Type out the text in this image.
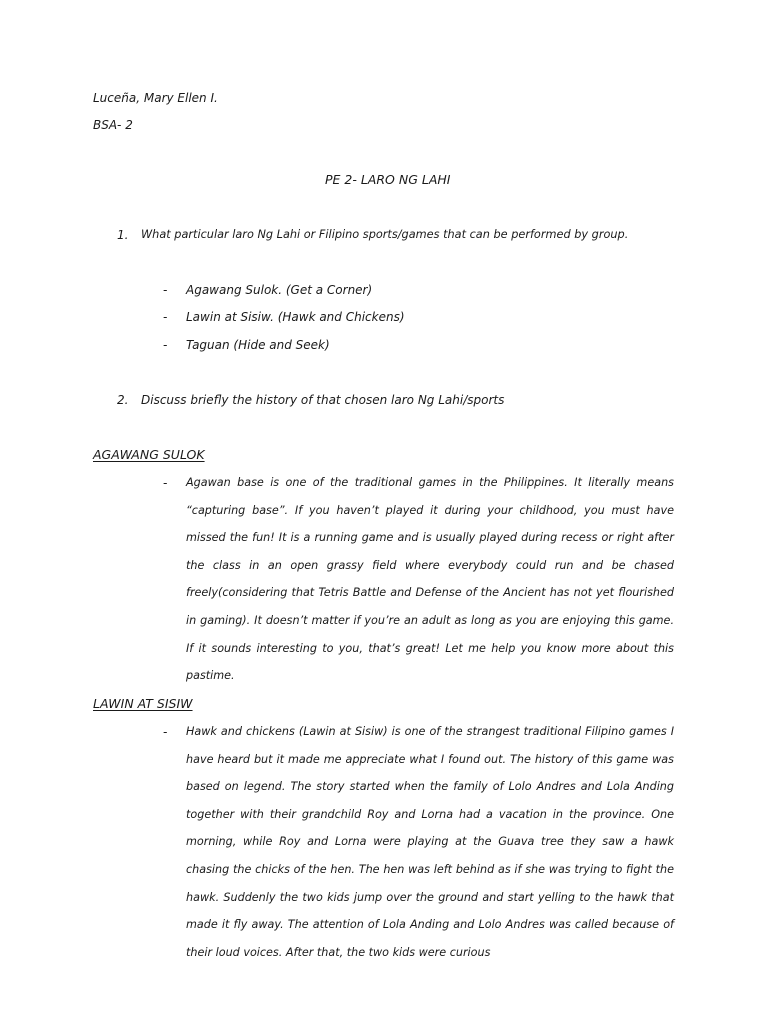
Luceña, Mary Ellen I.
BSA- 2
PE 2- LARO NG LAHI
1. What particular laro Ng Lahi or Filipino sports/games that can be performed by group.
- Agawang Sulok. (Get a Corner)
- Lawin at Sisiw. (Hawk and Chickens)
- Taguan (Hide and Seek)
2. Discuss briefly the history of that chosen laro Ng Lahi/sports
AGAWANG SULOK
- Agawan base is one of the traditional games in the Philippines. It literally means “capturing base”. If you haven’t played it during your childhood, you must have missed the fun! It is a running game and is usually played during recess or right after the class in an open grassy field where everybody could run and be chased freely(considering that Tetris Battle and Defense of the Ancient has not yet flourished in gaming). It doesn’t matter if you’re an adult as long as you are enjoying this game. If it sounds interesting to you, that’s great! Let me help you know more about this pastime.

LAWIN AT SISIW
- Hawk and chickens (Lawin at Sisiw) is one of the strangest traditional Filipino games I have heard but it made me appreciate what I found out. The history of this game was based on legend. The story started when the family of Lolo Andres and Lola Anding together with their grandchild Roy and Lorna had a vacation in the province. One morning, while Roy and Lorna were playing at the Guava tree they saw a hawk chasing the chicks of the hen. The hen was left behind as if she was trying to fight the hawk. Suddenly the two kids jump over the ground and start yelling to the hawk that made it fly away. The attention of Lola Anding and Lolo Andres was called because of their loud voices. After that, the two kids were curious
